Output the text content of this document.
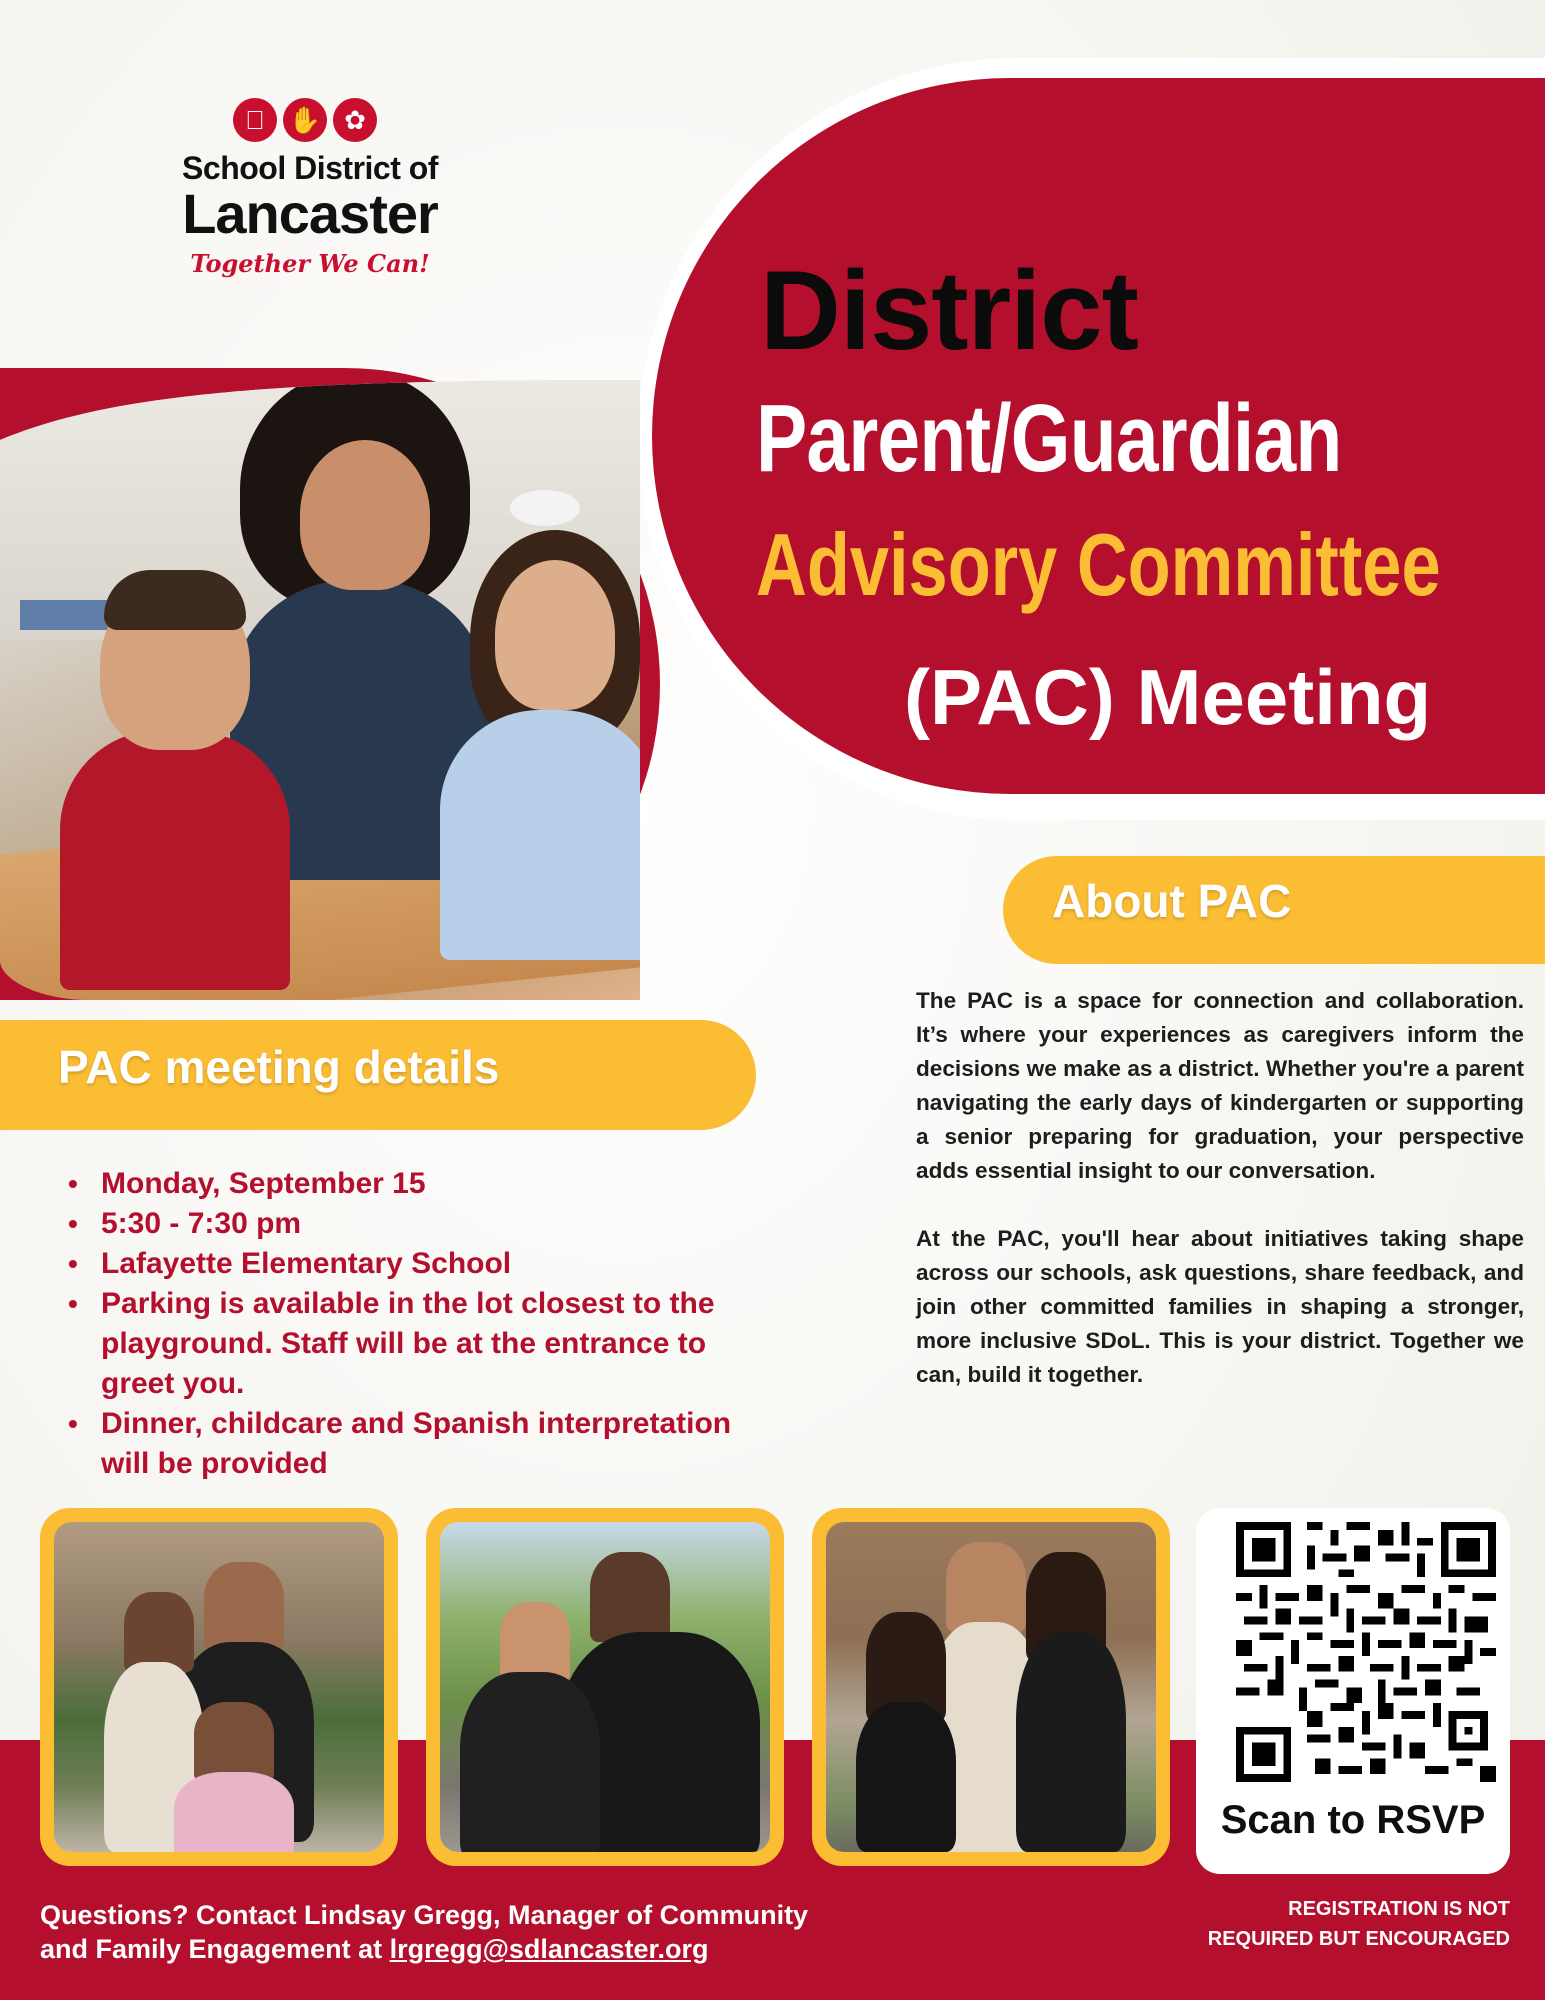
✋ ✿
School District of
Lancaster
Together We Can!	District
Parent/Guardian
Advisory Committee
(PAC) Meeting
About PAC

The PAC is a space for connection and collaboration. It’s where your experiences as caregivers inform the decisions we make as a district. Whether you're a parent navigating the early days of kindergarten or supporting a senior preparing for graduation, your perspective adds essential insight to our conversation.

At the PAC, you'll hear about initiatives taking shape across our schools, ask questions, share feedback, and join other committed families in shaping a stronger, more inclusive SDoL. This is your district. Together we can, build it together.

PAC meeting details
• Monday, September 15
• 5:30 - 7:30 pm
• Lafayette Elementary School
• Parking is available in the lot closest to the playground. Staff will be at the entrance to greet you.
• Dinner, childcare and Spanish interpretation will be provided
Scan to RSVP
REGISTRATION IS NOT
REQUIRED BUT ENCOURAGED
Questions? Contact Lindsay Gregg, Manager of Community
and Family Engagement at lrgregg@sdlancaster.org
